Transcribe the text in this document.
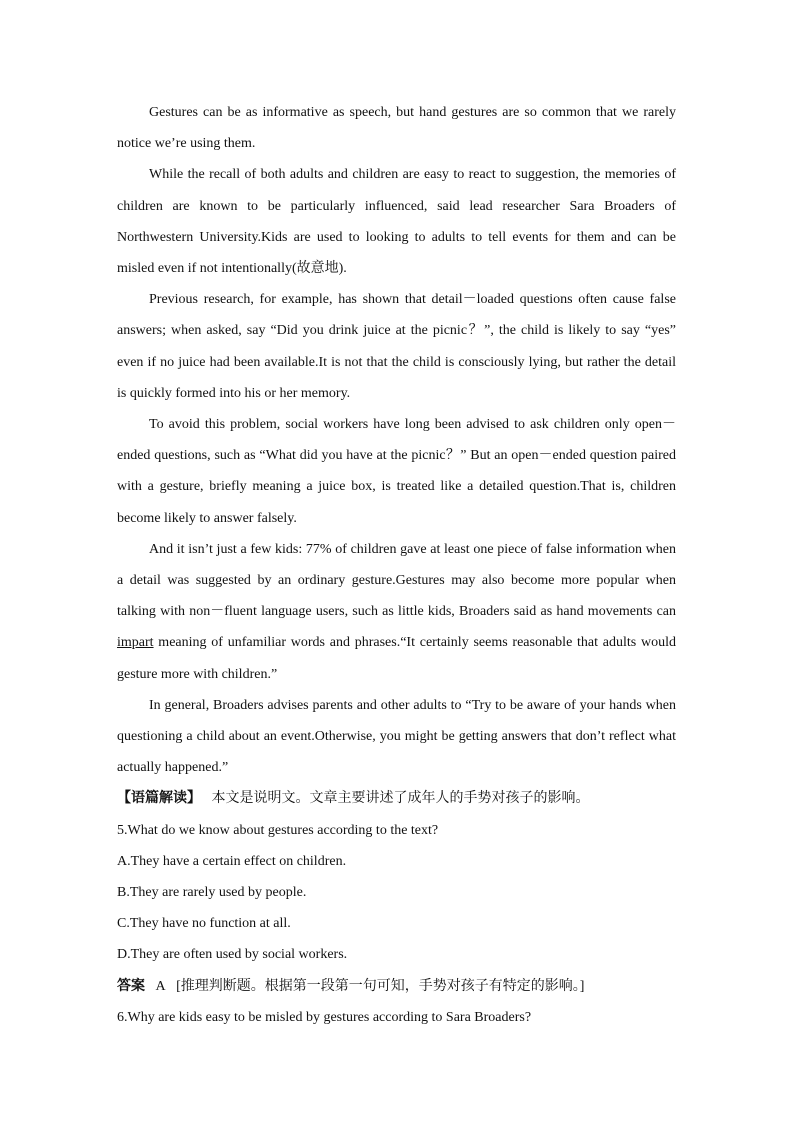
Gestures can be as informative as speech, but hand gestures are so common that we rarely notice we’re using them.

While the recall of both adults and children are easy to react to suggestion, the memories of children are known to be particularly influenced, said lead researcher Sara Broaders of Northwestern University.Kids are used to looking to adults to tell events for them and can be misled even if not intentionally(故意地).

Previous research, for example, has shown that detail－loaded questions often cause false answers; when asked, say “Did you drink juice at the picnic？”, the child is likely to say “yes” even if no juice had been available.It is not that the child is consciously lying, but rather the detail is quickly formed into his or her memory.

To avoid this problem, social workers have long been advised to ask children only open－ended questions, such as “What did you have at the picnic？” But an open－ended question paired with a gesture, briefly meaning a juice box, is treated like a detailed question.That is, children become likely to answer falsely.

And it isn’t just a few kids: 77% of children gave at least one piece of false information when a detail was suggested by an ordinary gesture.Gestures may also become more popular when talking with non－fluent language users, such as little kids, Broaders said as hand movements can impart meaning of unfamiliar words and phrases.“It certainly seems reasonable that adults would gesture more with children.”

In general, Broaders advises parents and other adults to “Try to be aware of your hands when questioning a child about an event.Otherwise, you might be getting answers that don’t reflect what actually happened.”

【语篇解读】 本文是说明文。文章主要讲述了成年人的手势对孩子的影响。

5.What do we know about gestures according to the text?

A.They have a certain effect on children.

B.They are rarely used by people.

C.They have no function at all.

D.They are often used by social workers.

答案 A [推理判断题。根据第一段第一句可知，手势对孩子有特定的影响。]

6.Why are kids easy to be misled by gestures according to Sara Broaders?
